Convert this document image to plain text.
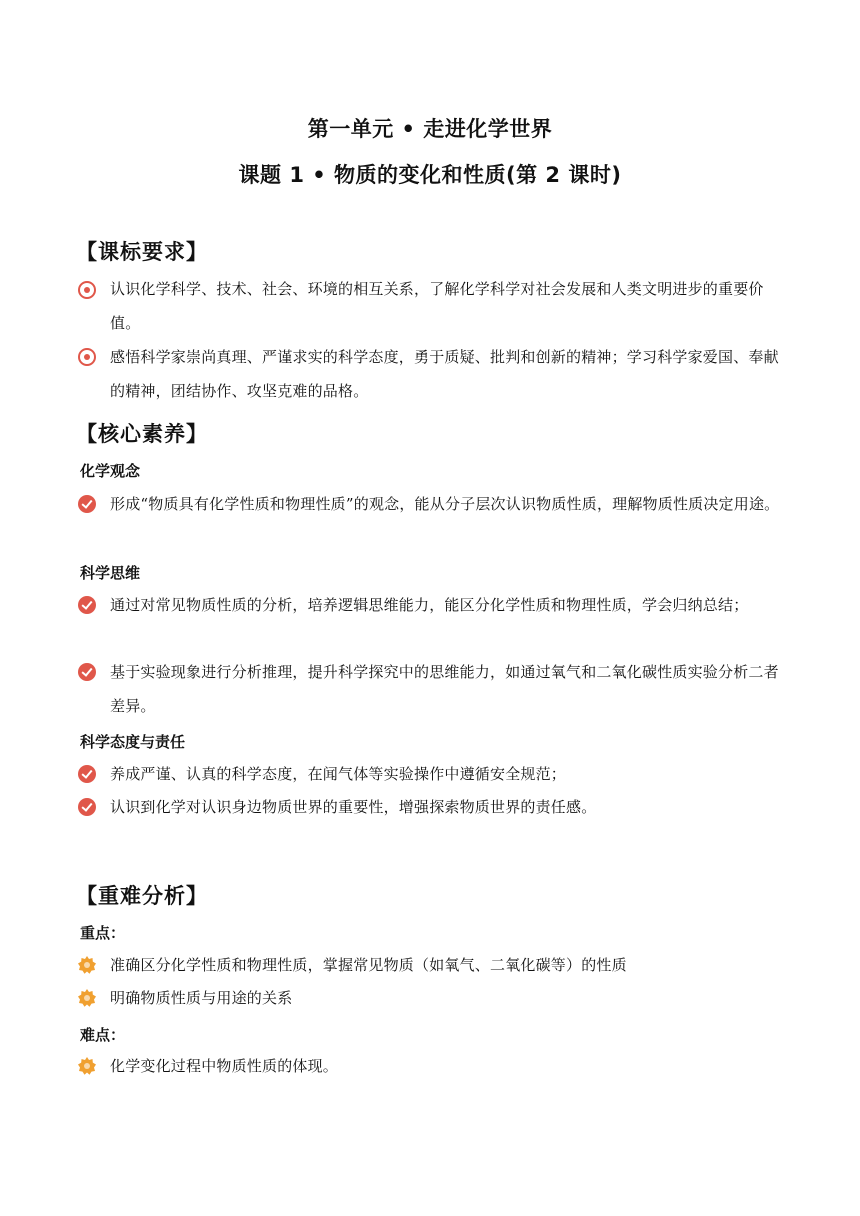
第一单元 • 走进化学世界
课题 1 • 物质的变化和性质(第 2 课时)
【课标要求】
认识化学科学、技术、社会、环境的相互关系，了解化学科学对社会发展和人类文明进步的重要价值。
感悟科学家崇尚真理、严谨求实的科学态度，勇于质疑、批判和创新的精神；学习科学家爱国、奉献的精神，团结协作、攻坚克难的品格。
【核心素养】
化学观念
形成“物质具有化学性质和物理性质”的观念，能从分子层次认识物质性质，理解物质性质决定用途。
科学思维
通过对常见物质性质的分析，培养逻辑思维能力，能区分化学性质和物理性质，学会归纳总结；
基于实验现象进行分析推理，提升科学探究中的思维能力，如通过氧气和二氧化碳性质实验分析二者差异。
科学态度与责任
养成严谨、认真的科学态度，在闻气体等实验操作中遵循安全规范；
认识到化学对认识身边物质世界的重要性，增强探索物质世界的责任感。
【重难分析】
重点：
准确区分化学性质和物理性质，掌握常见物质（如氧气、二氧化碳等）的性质
明确物质性质与用途的关系
难点：
化学变化过程中物质性质的体现。
